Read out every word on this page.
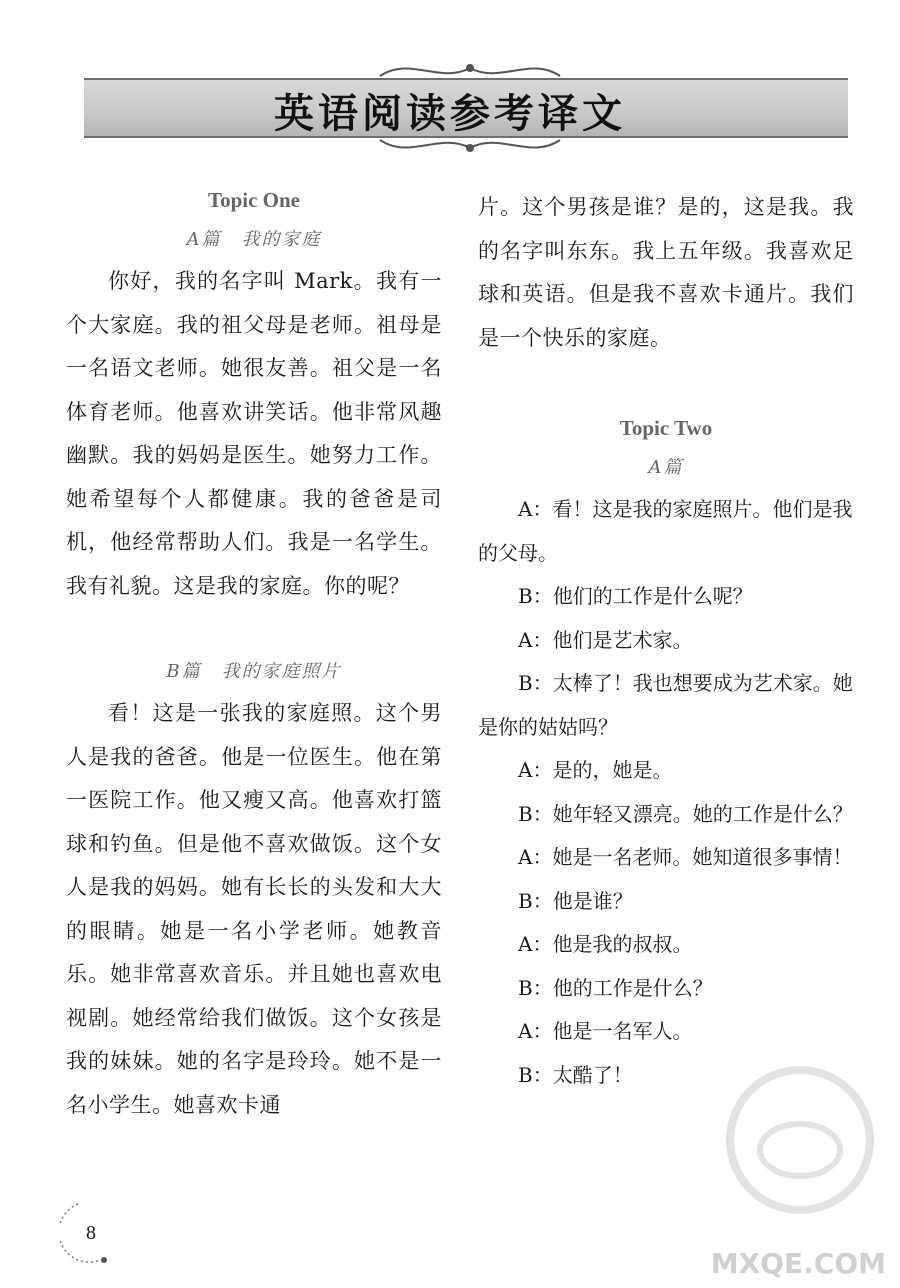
英语阅读参考译文

Topic One

A篇　我的家庭

你好，我的名字叫 Mark。我有一个大家庭。我的祖父母是老师。祖母是一名语文老师。她很友善。祖父是一名体育老师。他喜欢讲笑话。他非常风趣幽默。我的妈妈是医生。她努力工作。她希望每个人都健康。我的爸爸是司机，他经常帮助人们。我是一名学生。我有礼貌。这是我的家庭。你的呢？

B篇　我的家庭照片

看！这是一张我的家庭照。这个男人是我的爸爸。他是一位医生。他在第一医院工作。他又瘦又高。他喜欢打篮球和钓鱼。但是他不喜欢做饭。这个女人是我的妈妈。她有长长的头发和大大的眼睛。她是一名小学老师。她教音乐。她非常喜欢音乐。并且她也喜欢电视剧。她经常给我们做饭。这个女孩是我的妹妹。她的名字是玲玲。她不是一名小学生。她喜欢卡通

片。这个男孩是谁？是的，这是我。我的名字叫东东。我上五年级。我喜欢足球和英语。但是我不喜欢卡通片。我们是一个快乐的家庭。

Topic Two

A篇

A：看！这是我的家庭照片。他们是我的父母。

B：他们的工作是什么呢？

A：他们是艺术家。

B：太棒了！我也想要成为艺术家。她是你的姑姑吗？

A：是的，她是。

B：她年轻又漂亮。她的工作是什么？

A：她是一名老师。她知道很多事情！

B：他是谁？

A：他是我的叔叔。

B：他的工作是什么？

A：他是一名军人。

B：太酷了！

8
MXQE.COM
